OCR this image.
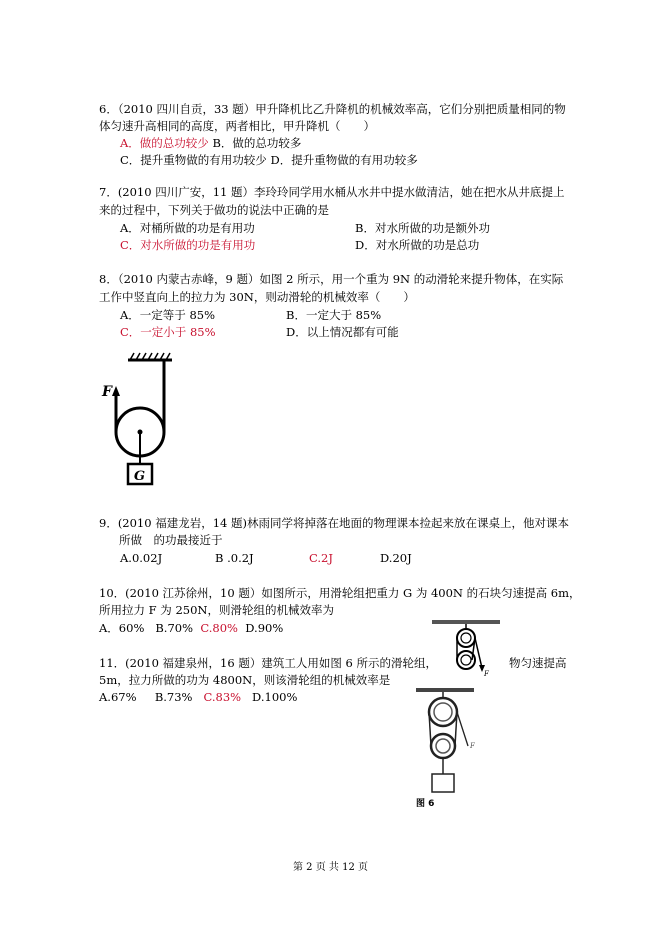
6．（2010 四川自贡，33 题）甲升降机比乙升降机的机械效率高，它们分别把质量相同的物
体匀速升高相同的高度，两者相比，甲升降机（　　）
A．做的总功较少 B．做的总功较多
C．提升重物做的有用功较少 D．提升重物做的有用功较多
7．(2010 四川广安，11 题）李玲玲同学用水桶从水井中提水做清洁，她在把水从井底提上
来的过程中，下列关于做功的说法中正确的是
A．对桶所做的功是有用功	B．对水所做的功是额外功
C．对水所做的功是有用功	D．对水所做的功是总功
8．（2010 内蒙古赤峰，9 题）如图 2 所示，用一个重为 9N 的动滑轮来提升物体，在实际
工作中竖直向上的拉力为 30N，则动滑轮的机械效率（　　）
A．一定等于 85%	B．一定大于 85%
C．一定小于 85%	D．以上情况都有可能
F
G
9．(2010 福建龙岩，14 题)林雨同学将掉落在地面的物理课本捡起来放在课桌上，他对课本
所做　的功最接近于
A.0.02J	B .0.2J	C.2J	D.20J
10．(2010 江苏徐州，10 题）如图所示，用滑轮组把重力 G 为 400N 的石块匀速提高 6m，
所用拉力 F 为 250N，则滑轮组的机械效率为
A．60% B.70% C.80% D.90%
F
11．(2010 福建泉州，16 题）建筑工人用如图 6 所示的滑轮组，	物匀速提高
5m，拉力所做的功为 4800N，则该滑轮组的机械效率是
A.67% B.73% C.83% D.100%
F
图 6
第 2 页 共 12 页
